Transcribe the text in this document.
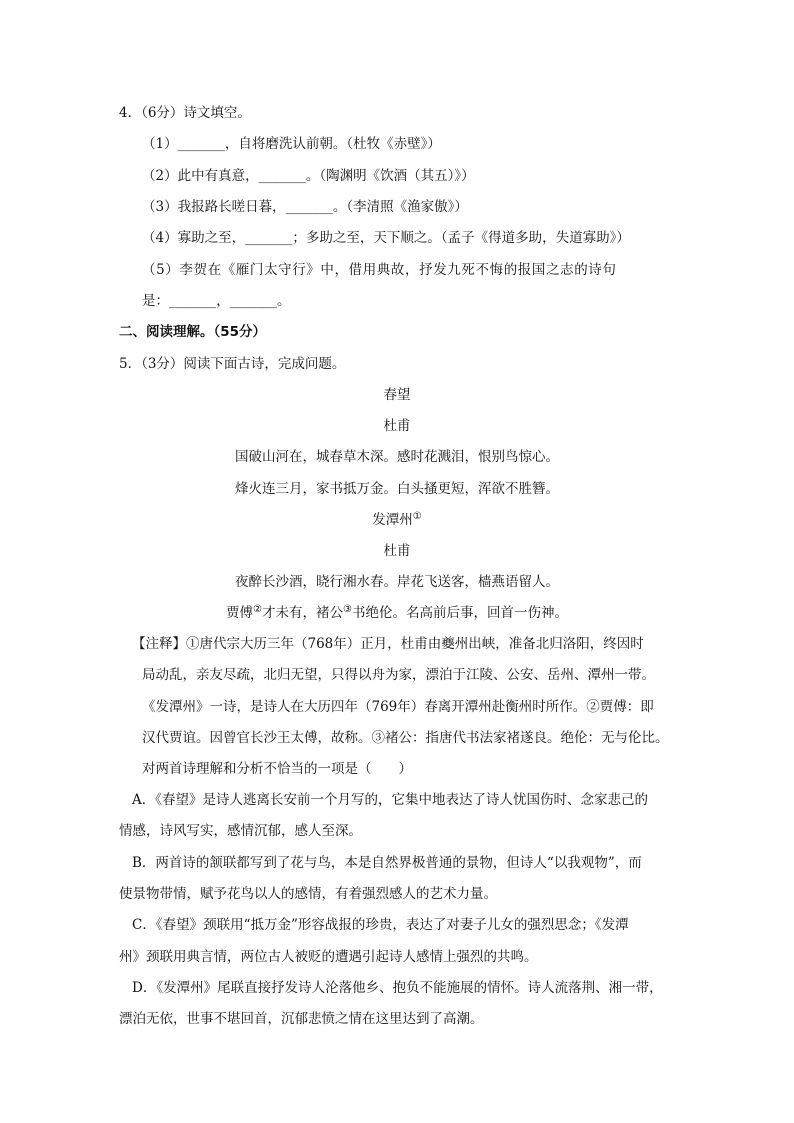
4．（6分）诗文填空。
（1）_______，自将磨洗认前朝。（杜牧《赤壁》）
（2）此中有真意，_______。（陶渊明《饮酒（其五）》）
（3）我报路长嗟日暮，_______。（李清照《渔家傲》）
（4）寡助之至，_______；多助之至，天下顺之。（孟子《得道多助，失道寡助》）
（5）李贺在《雁门太守行》中，借用典故，抒发九死不悔的报国之志的诗句
是：_______，_______。
二、阅读理解。（55分）
5．（3分）阅读下面古诗，完成问题。
春望
杜甫
国破山河在，城春草木深。感时花溅泪，恨别鸟惊心。
烽火连三月，家书抵万金。白头搔更短，浑欲不胜簪。
发潭州①
杜甫
夜醉长沙酒，晓行湘水春。岸花飞送客，樯燕语留人。
贾傅②才未有，褚公③书绝伦。名高前后事，回首一伤神。
【注释】①唐代宗大历三年（768年）正月，杜甫由夔州出峡，准备北归洛阳，终因时
局动乱，亲友尽疏，北归无望，只得以舟为家，漂泊于江陵、公安、岳州、潭州一带。
《发潭州》一诗，是诗人在大历四年（769年）春离开潭州赴衡州时所作。②贾傅：即
汉代贾谊。因曾官长沙王太傅，故称。③褚公：指唐代书法家褚遂良。绝伦：无与伦比。
对两首诗理解和分析不恰当的一项是（　　）
A．《春望》是诗人逃离长安前一个月写的，它集中地表达了诗人忧国伤时、念家悲己的
情感，诗风写实，感情沉郁，感人至深。
B．两首诗的颔联都写到了花与鸟，本是自然界极普通的景物，但诗人“以我观物”，而
使景物带情，赋予花鸟以人的感情，有着强烈感人的艺术力量。
C．《春望》颈联用“抵万金”形容战报的珍贵，表达了对妻子儿女的强烈思念；《发潭
州》颈联用典言情，两位古人被贬的遭遇引起诗人感情上强烈的共鸣。
D．《发潭州》尾联直接抒发诗人沦落他乡、抱负不能施展的情怀。诗人流落荆、湘一带，
漂泊无依，世事不堪回首，沉郁悲愤之情在这里达到了高潮。
